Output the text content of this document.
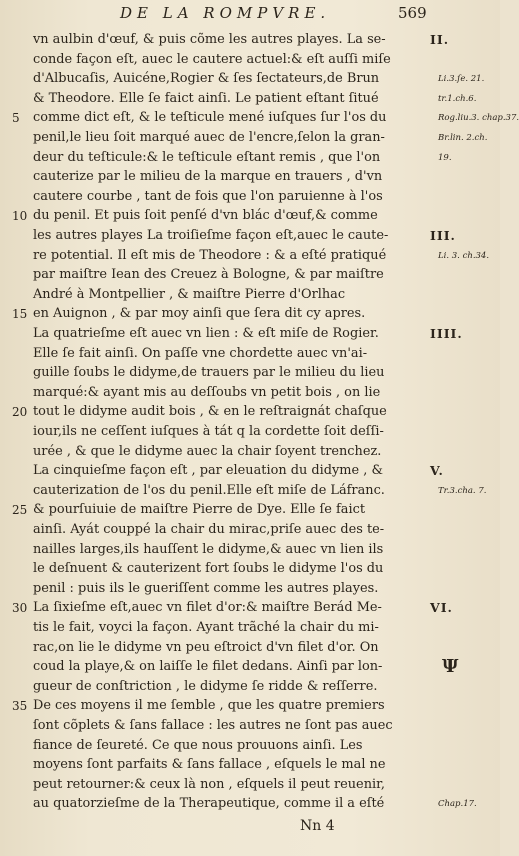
DE LA ROMPVRE.	569
vn aulbin d'œuf, & puis cõme les autres playes. La se-	II.
conde façon eſt, auec le cautere actuel:& eſt auſſi miſe
d'Albucaſis, Auicéne,Rogier & ſes ſectateurs,de Brun	Li.3.ſe. 21.
& Theodore. Elle ſe faict ainſi. Le patient eſtant ſitué	tr.1.ch.6.
comme dict eſt, & le teſticule mené iuſques ſur l'os du
5	Rog.liu.3. chap.37.
penil,le lieu ſoit marqué auec de l'encre,ſelon la gran-	Br.lin. 2.ch.
deur du teſticule:& le teſticule eſtant remis , que l'on	19.
cauterize par le milieu de la marque en trauers , d'vn
cautere courbe , tant de fois que l'on paruienne à l'os
du penil. Et puis ſoit penſé d'vn blác d'œuf,& comme
10
les autres playes La troiſieſme façon eſt,auec le caute-	III.
re potential. Il eſt mis de Theodore : & a eſté pratiqué	Li. 3. ch.34.
par maiſtre Iean des Creuez à Bologne, & par maiſtre
André à Montpellier , & maiſtre Pierre d'Orlhac
en Auignon , & par moy ainſi que ſera dit cy apres.
15
La quatrieſme eſt auec vn lien : & eſt miſe de Rogier.	IIII.
Elle ſe fait ainſi. On paſſe vne chordette auec vn'ai-
guille ſoubs le didyme,de trauers par le milieu du lieu
marqué:& ayant mis au deſſoubs vn petit bois , on lie
tout le didyme audit bois , & en le reſtraignát chaſque
20
iour,ils ne ceſſent iuſques à tát q la cordette ſoit deſſi-
urée , & que le didyme auec la chair ſoyent trenchez.
La cinquieſme façon eſt , par eleuation du didyme , &	V.
cauterization de l'os du penil.Elle eſt miſe de Láfranc.	Tr.3.cha. 7.
& pourſuiuie de maiſtre Pierre de Dye. Elle ſe faict
25
ainſi. Ayát couppé la chair du mirac,priſe auec des te-
nailles larges,ils hauſſent le didyme,& auec vn lien ils
le deſnuent & cauterizent fort ſoubs le didyme l'os du
penil : puis ils le gueriſſent comme les autres playes.
La ſixieſme eſt,auec vn filet d'or:& maiſtre Berád Me-
30	VI.
tis le fait, voyci la façon. Ayant trãché la chair du mi-
rac,on lie le didyme vn peu eſtroict d'vn filet d'or. On
coud la playe,& on laiſſe le filet dedans. Ainſi par lon-	Ψ
gueur de conſtriction , le didyme ſe ridde & reſſerre.
De ces moyens il me ſemble , que les quatre premiers
35
ſont cõplets & ſans fallace : les autres ne ſont pas auec
fiance de ſeureté. Ce que nous prouuons ainſi. Les
moyens ſont parfaits & ſans fallace , eſquels le mal ne
peut retourner:& ceux là non , eſquels il peut reuenir,
au quatorzieſme de la Therapeutique, comme il a eſté	Chap.17.
Nn 4
